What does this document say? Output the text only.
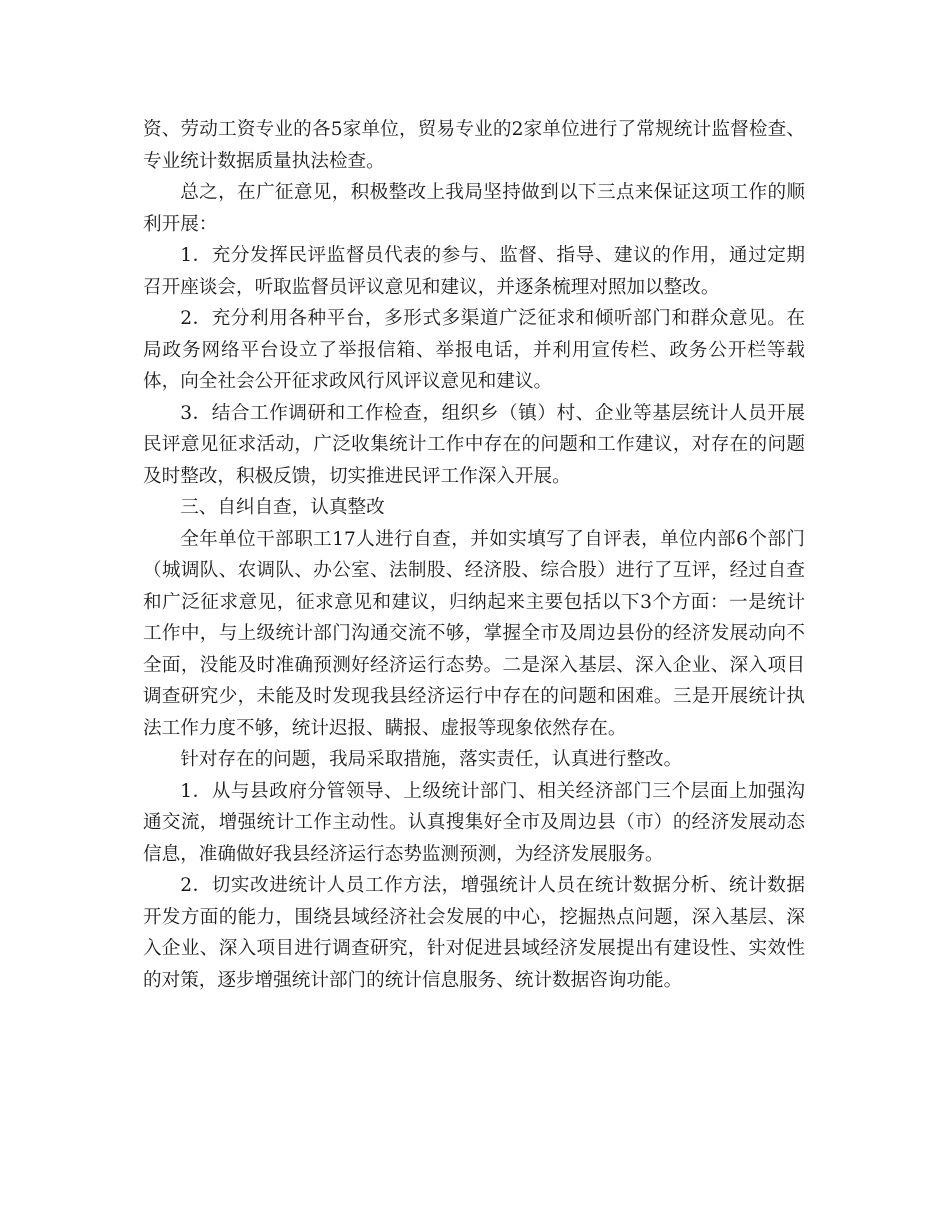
资、劳动工资专业的各5家单位，贸易专业的2家单位进行了常规统计监督检查、专业统计数据质量执法检查。

总之，在广征意见，积极整改上我局坚持做到以下三点来保证这项工作的顺利开展：

1．充分发挥民评监督员代表的参与、监督、指导、建议的作用，通过定期召开座谈会，听取监督员评议意见和建议，并逐条梳理对照加以整改。

2．充分利用各种平台，多形式多渠道广泛征求和倾听部门和群众意见。在局政务网络平台设立了举报信箱、举报电话，并利用宣传栏、政务公开栏等载体，向全社会公开征求政风行风评议意见和建议。

3．结合工作调研和工作检查，组织乡（镇）村、企业等基层统计人员开展民评意见征求活动，广泛收集统计工作中存在的问题和工作建议，对存在的问题及时整改，积极反馈，切实推进民评工作深入开展。

三、自纠自查，认真整改

全年单位干部职工17人进行自查，并如实填写了自评表，单位内部6个部门（城调队、农调队、办公室、法制股、经济股、综合股）进行了互评，经过自查和广泛征求意见，征求意见和建议，归纳起来主要包括以下3个方面：一是统计工作中，与上级统计部门沟通交流不够，掌握全市及周边县份的经济发展动向不全面，没能及时准确预测好经济运行态势。二是深入基层、深入企业、深入项目调查研究少，未能及时发现我县经济运行中存在的问题和困难。三是开展统计执法工作力度不够，统计迟报、瞒报、虚报等现象依然存在。

针对存在的问题，我局采取措施，落实责任，认真进行整改。

1．从与县政府分管领导、上级统计部门、相关经济部门三个层面上加强沟通交流，增强统计工作主动性。认真搜集好全市及周边县（市）的经济发展动态信息，准确做好我县经济运行态势监测预测，为经济发展服务。

2．切实改进统计人员工作方法，增强统计人员在统计数据分析、统计数据开发方面的能力，围绕县域经济社会发展的中心，挖掘热点问题，深入基层、深入企业、深入项目进行调查研究，针对促进县域经济发展提出有建设性、实效性的对策，逐步增强统计部门的统计信息服务、统计数据咨询功能。
